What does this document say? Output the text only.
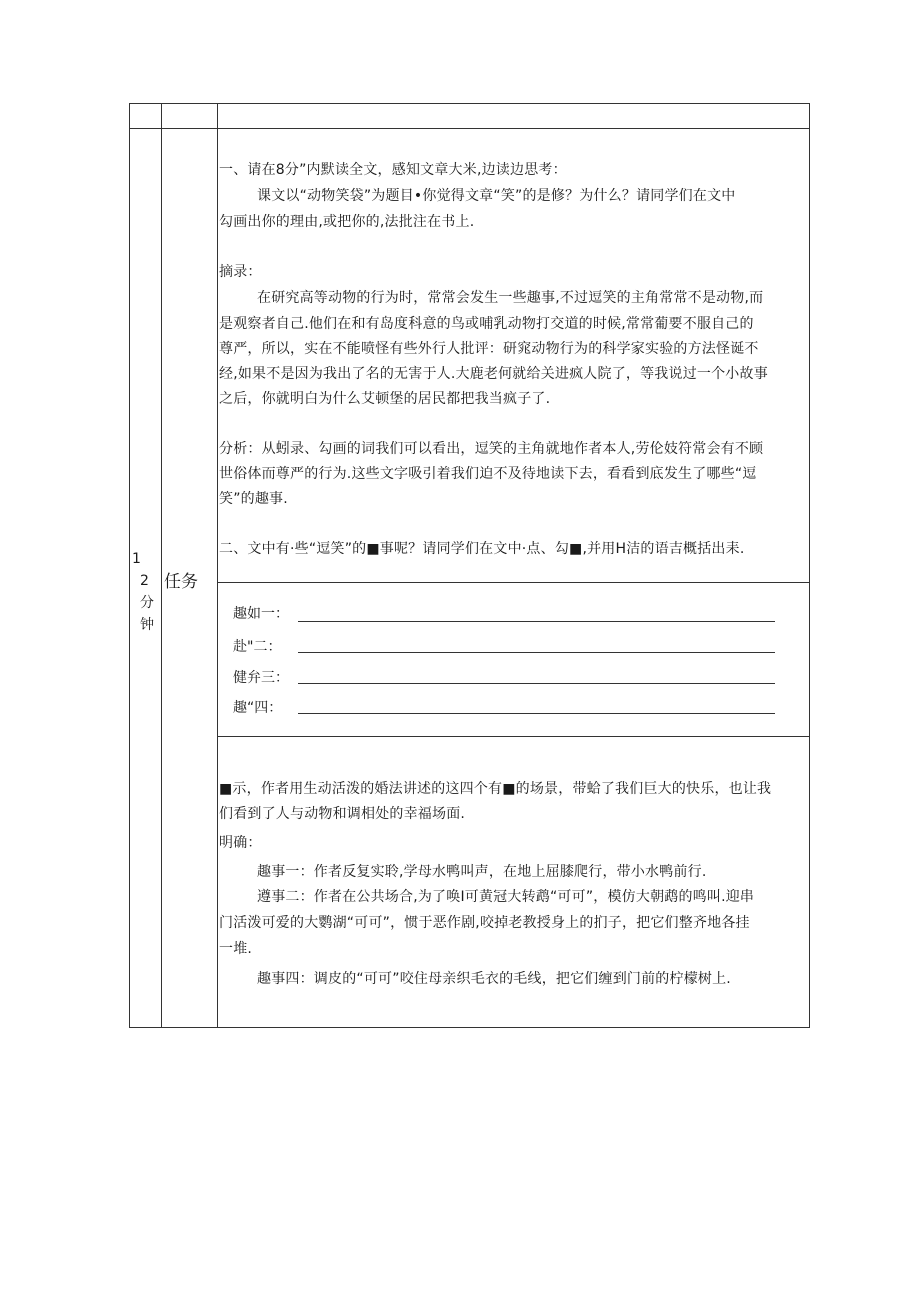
1
2分
钟
任务
一、请在8分”内默读全文，感知文章大米,边读边思考：
课文以“动物笑袋”为题目•你觉得文章“笑”的是修？为什么？请同学们在文中
勾画出你的理由,或把你的,法批注在书上.
摘录：
在研究高等动物的行为时，常常会发生一些趣事,不过逗笑的主角常常不是动物,而
是观察者自己.他们在和有岛度科意的鸟或哺乳动物打交道的时候,常常葡要不服自己的
尊严，所以，实在不能喷怪有些外行人批评：研窕动物行为的科学家实验的方法怪诞不
经,如果不是因为我出了名的无害于人.大鹿老何就给关进疯人院了，等我说过一个小故事
之后，你就明白为什么艾顿堡的居民都把我当疯子了.
分析：从蚓录、勾画的词我们可以看出，逗笑的主角就地作者本人,劳伦妓符常会有不顾
世俗体而尊严的行为.这些文字吸引着我们迫不及待地读下去，看看到底发生了哪些“逗
笑”的趣事.
二、文中有·些“逗笑”的■事呢？请同学们在文中·点、勾■,并用H洁的语吉概括出耒.
趣如一：
赴"二：
健弁三：
趣“四：
■示，作者用生动活泼的婚法讲述的这四个有■的场景，带蛤了我们巨大的快乐，也让我
们看到了人与动物和调相处的幸福场面.
明确：
趣事一：作者反复实聆,学母水鸭叫声，在地上屈膝爬行，带小水鸭前行.
遵事二：作者在公共场合,为了唤I可黄冠大转鹉“可可”，模仿大朝鹉的鸣叫.迎串
门活泼可爱的大鹦湖“可可”，惯于恶作剧,咬掉老教授身上的扪子，把它们整齐地各挂
一堆.
趣事四：调皮的“可可”咬住母亲织毛衣的毛线，把它们缠到门前的柠檬树上.
